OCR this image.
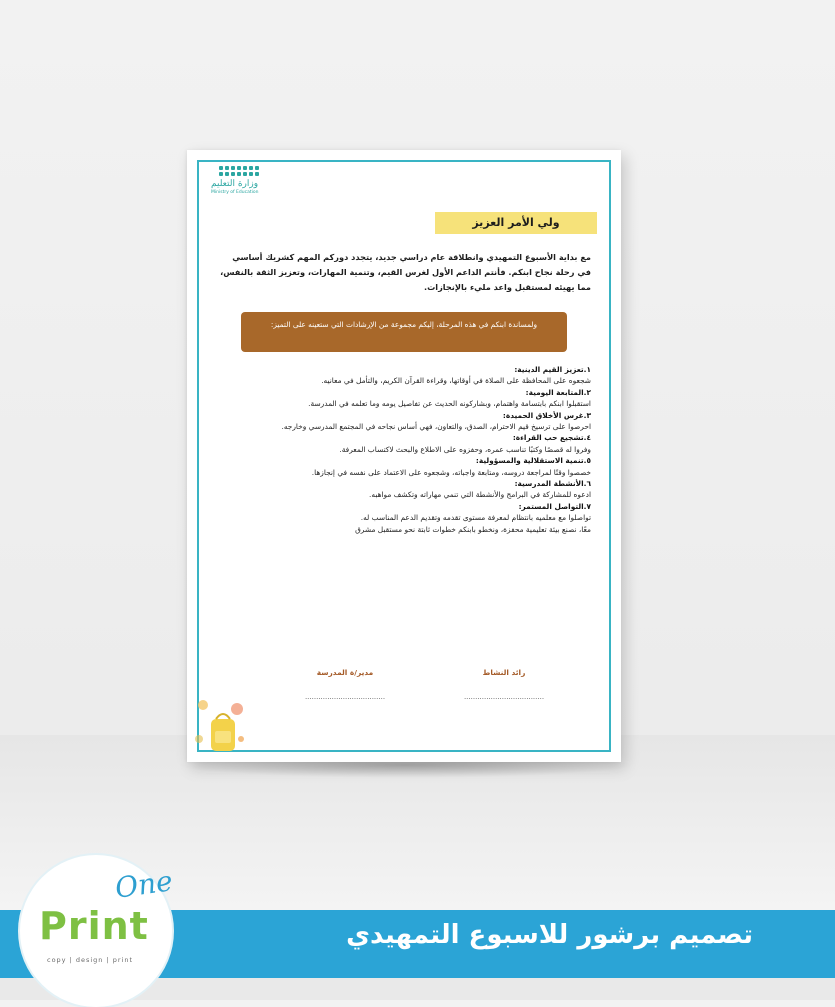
وزارة التعليم
Ministry of Education
ولي الأمر العزيز
مع بداية الأسبوع التمهيدي وانطلاقة عام دراسي جديد، يتجدد دوركم المهم كشريك أساسي في رحلة نجاح ابنكم. فأنتم الداعم الأول لغرس القيم، وتنمية المهارات، وتعزيز الثقة بالنفس، مما يهيئه لمستقبل واعد مليء بالإنجازات.
ولمساندة ابنكم في هذه المرحلة، إليكم مجموعة من الإرشادات التي ستعينه على التميز:
١.تعزيز القيم الدينية:
شجعوه على المحافظة على الصلاة في أوقاتها، وقراءة القرآن الكريم، والتأمل في معانيه.
٢.المتابعة اليومية:
استقبلوا ابنكم بابتسامة واهتمام، وبشاركونه الحديث عن تفاصيل يومه وما تعلمه في المدرسة.
٣.غرس الأخلاق الحميدة:
احرصوا على ترسيخ قيم الاحترام، الصدق، والتعاون، فهي أساس نجاحه في المجتمع المدرسي وخارجه.
٤.تشجيع حب القراءة:
وفروا له قصصًا وكتبًا تناسب عمره، وحفزوه على الاطلاع والبحث لاكتساب المعرفة.
٥.تنمية الاستقلالية والمسؤولية:
خصصوا وقتًا لمراجعة دروسه، ومتابعة واجباته، وشجعوه على الاعتماد على نفسه في إنجازها.
٦.الأنشطة المدرسية:
ادعوه للمشاركة في البرامج والأنشطة التي تنمي مهاراته وتكشف مواهبه.
٧.التواصل المستمر:
تواصلوا مع معلميه بانتظام لمعرفة مستوى تقدمه وتقديم الدعم المناسب له.
معًا، نصنع بيئة تعليمية محفزة، ونخطو بابنكم خطوات ثابتة نحو مستقبل مشرق
مدير/ة المدرسة
....................................
رائد النشاط
....................................
تصميم برشور للاسبوع التمهيدي
One
Print
copy | design | print
